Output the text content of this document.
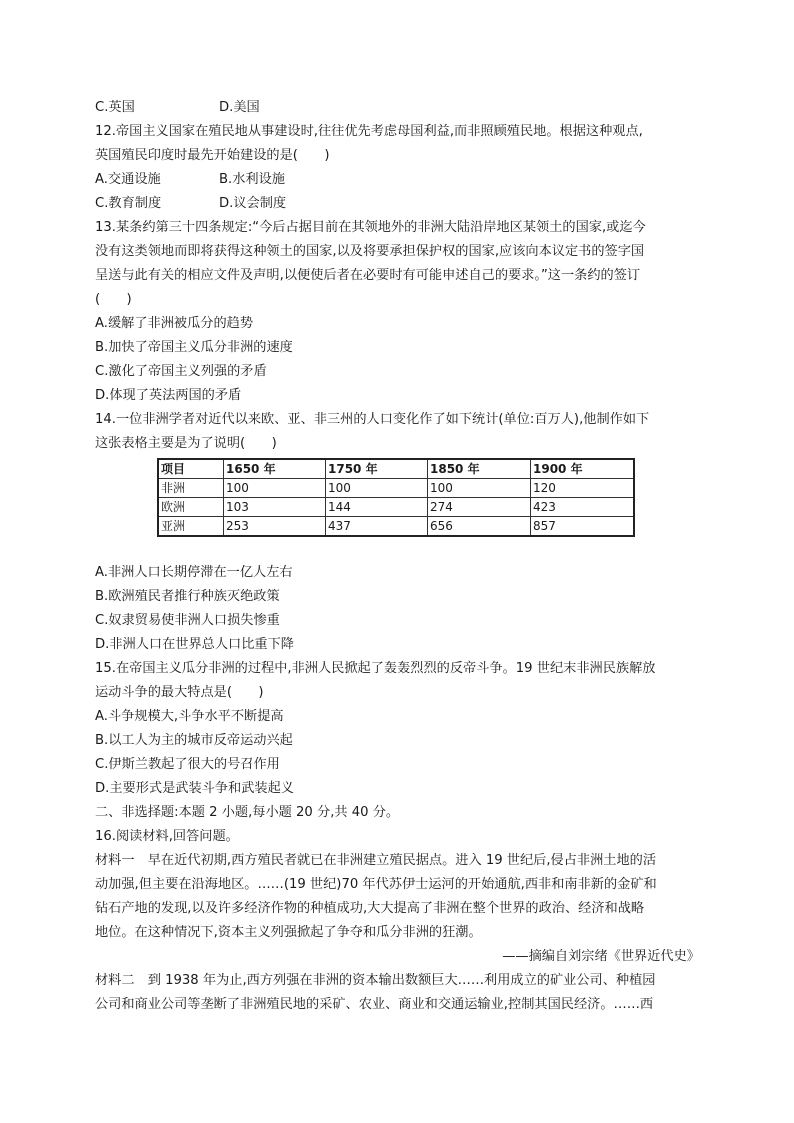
C.英国	D.美国
12.帝国主义国家在殖民地从事建设时,往往优先考虑母国利益,而非照顾殖民地。根据这种观点,
英国殖民印度时最先开始建设的是(　　)
A.交通设施	B.水利设施
C.教育制度	D.议会制度
13.某条约第三十四条规定:“今后占据目前在其领地外的非洲大陆沿岸地区某领土的国家,或迄今
没有这类领地而即将获得这种领土的国家,以及将要承担保护权的国家,应该向本议定书的签字国
呈送与此有关的相应文件及声明,以便使后者在必要时有可能申述自己的要求。”这一条约的签订
(　　)
A.缓解了非洲被瓜分的趋势
B.加快了帝国主义瓜分非洲的速度
C.激化了帝国主义列强的矛盾
D.体现了英法两国的矛盾
14.一位非洲学者对近代以来欧、亚、非三州的人口变化作了如下统计(单位:百万人),他制作如下
这张表格主要是为了说明(　　)
项目	1650 年	1750 年	1850 年	1900 年
非洲	100	100	100	120
欧洲	103	144	274	423
亚洲	253	437	656	857
A.非洲人口长期停滞在一亿人左右
B.欧洲殖民者推行种族灭绝政策
C.奴隶贸易使非洲人口损失惨重
D.非洲人口在世界总人口比重下降
15.在帝国主义瓜分非洲的过程中,非洲人民掀起了轰轰烈烈的反帝斗争。19 世纪末非洲民族解放
运动斗争的最大特点是(　　)
A.斗争规模大,斗争水平不断提高
B.以工人为主的城市反帝运动兴起
C.伊斯兰教起了很大的号召作用
D.主要形式是武装斗争和武装起义
二、非选择题:本题 2 小题,每小题 20 分,共 40 分。
16.阅读材料,回答问题。
材料一　早在近代初期,西方殖民者就已在非洲建立殖民据点。进入 19 世纪后,侵占非洲土地的活
动加强,但主要在沿海地区。……(19 世纪)70 年代苏伊士运河的开始通航,西非和南非新的金矿和
钻石产地的发现,以及许多经济作物的种植成功,大大提高了非洲在整个世界的政治、经济和战略
地位。在这种情况下,资本主义列强掀起了争夺和瓜分非洲的狂潮。
——摘编自刘宗绪《世界近代史》
材料二　到 1938 年为止,西方列强在非洲的资本输出数额巨大……利用成立的矿业公司、种植园
公司和商业公司等垄断了非洲殖民地的采矿、农业、商业和交通运输业,控制其国民经济。……西
